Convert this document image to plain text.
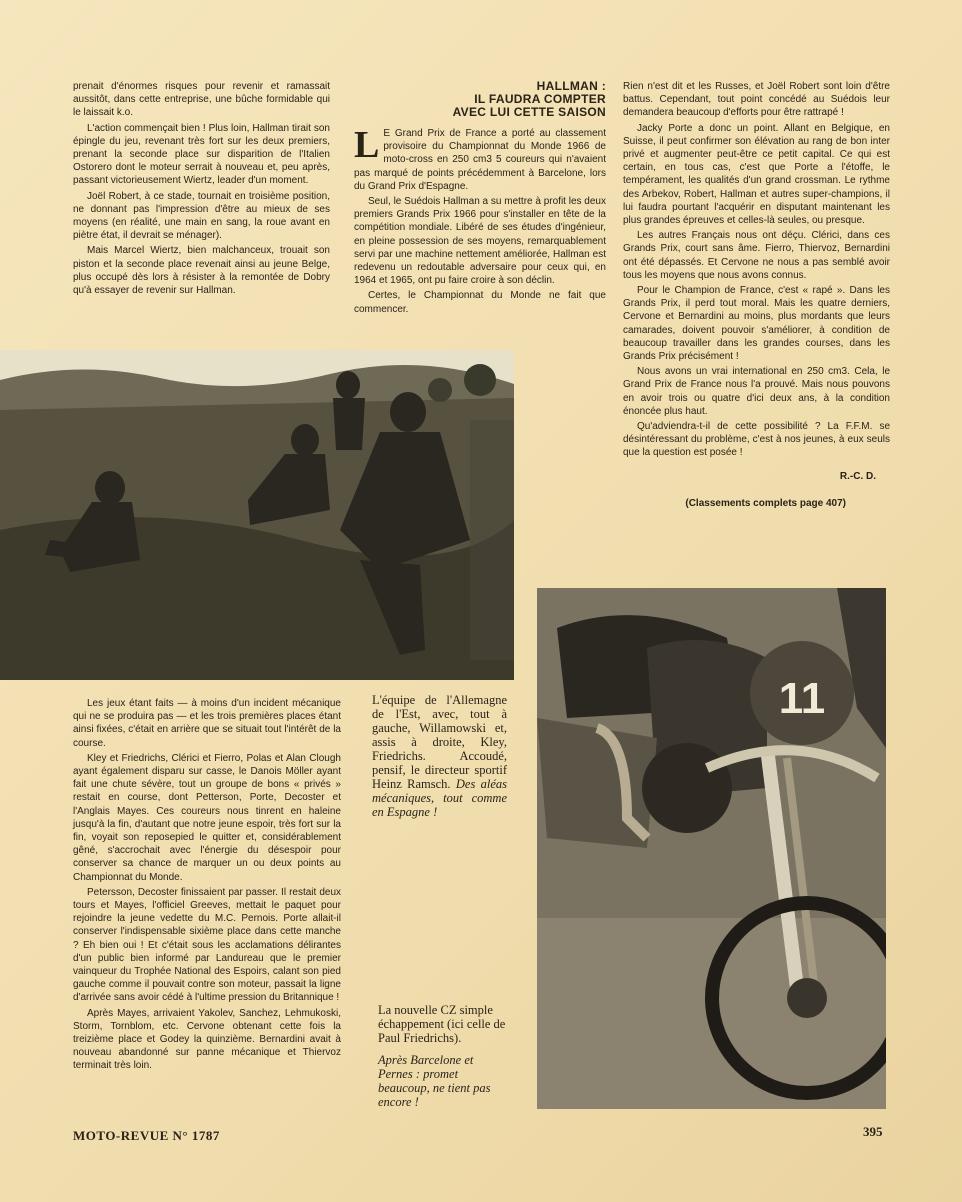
prenait d'énormes risques pour revenir et ramassait aussitôt, dans cette entreprise, une bûche formidable qui le laissait k.o.

L'action commençait bien ! Plus loin, Hallman tirait son épingle du jeu, revenant très fort sur les deux premiers, prenant la seconde place sur disparition de l'Italien Ostorero dont le moteur serrait à nouveau et, peu après, passant victorieusement Wiertz, leader d'un moment.

Joël Robert, à ce stade, tournait en troisième position, ne donnant pas l'impression d'être au mieux de ses moyens (en réalité, une main en sang, la roue avant en piètre état, il devrait se ménager).

Mais Marcel Wiertz, bien malchanceux, trouait son piston et la seconde place revenait ainsi au jeune Belge, plus occupé dès lors à résister à la remontée de Dobry qu'à essayer de revenir sur Hallman.

HALLMAN :
IL FAUDRA COMPTER
AVEC LUI CETTE SAISON

L E Grand Prix de France a porté au classement provisoire du Championnat du Monde 1966 de moto-cross en 250 cm3 5 coureurs qui n'avaient pas marqué de points précédemment à Barcelone, lors du Grand Prix d'Espagne.

Seul, le Suédois Hallman a su mettre à profit les deux premiers Grands Prix 1966 pour s'installer en tête de la compétition mondiale. Libéré de ses études d'ingénieur, en pleine possession de ses moyens, remarquablement servi par une machine nettement améliorée, Hallman est redevenu un redoutable adversaire pour ceux qui, en 1964 et 1965, ont pu faire croire à son déclin.

Certes, le Championnat du Monde ne fait que commencer.

Rien n'est dit et les Russes, et Joël Robert sont loin d'être battus. Cependant, tout point concédé au Suédois leur demandera beaucoup d'efforts pour être rattrapé !

Jacky Porte a donc un point. Allant en Belgique, en Suisse, il peut confirmer son élévation au rang de bon inter privé et augmenter peut-être ce petit capital. Ce qui est certain, en tous cas, c'est que Porte a l'étoffe, le tempérament, les qualités d'un grand crossman. Le rythme des Arbekov, Robert, Hallman et autres super-champions, il lui faudra pourtant l'acquérir en disputant maintenant les plus grandes épreuves et celles-là seules, ou presque.

Les autres Français nous ont déçu. Clérici, dans ces Grands Prix, court sans âme. Fierro, Thiervoz, Bernardini ont été dépassés. Et Cervone ne nous a pas semblé avoir tous les moyens que nous avons connus.

Pour le Champion de France, c'est « rapé ». Dans les Grands Prix, il perd tout moral. Mais les quatre derniers, Cervone et Bernardini au moins, plus mordants que leurs camarades, doivent pouvoir s'améliorer, à condition de beaucoup travailler dans les grandes courses, dans les Grands Prix précisément !

Nous avons un vrai international en 250 cm3. Cela, le Grand Prix de France nous l'a prouvé. Mais nous pouvons en avoir trois ou quatre d'ici deux ans, à la condition énoncée plus haut.

Qu'adviendra-t-il de cette possibilité ? La F.F.M. se désintéressant du problème, c'est à nos jeunes, à eux seuls que la question est posée !

R.-C. D.
(Classements complets page 407)

Les jeux étant faits — à moins d'un incident mécanique qui ne se produira pas — et les trois premières places étant ainsi fixées, c'était en arrière que se situait tout l'intérêt de la course.

Kley et Friedrichs, Clérici et Fierro, Polas et Alan Clough ayant également disparu sur casse, le Danois Möller ayant fait une chute sévère, tout un groupe de bons « privés » restait en course, dont Petterson, Porte, Decoster et l'Anglais Mayes. Ces coureurs nous tinrent en haleine jusqu'à la fin, d'autant que notre jeune espoir, très fort sur la fin, voyait son reposepied le quitter et, considérablement gêné, s'accrochait avec l'énergie du désespoir pour conserver sa chance de marquer un ou deux points au Championnat du Monde.

Petersson, Decoster finissaient par passer. Il restait deux tours et Mayes, l'officiel Greeves, mettait le paquet pour rejoindre la jeune vedette du M.C. Pernois. Porte allait-il conserver l'indispensable sixième place dans cette manche ? Eh bien oui ! Et c'était sous les acclamations délirantes d'un public bien informé par Landureau que le premier vainqueur du Trophée National des Espoirs, calant son pied gauche comme il pouvait contre son moteur, passait la ligne d'arrivée sans avoir cédé à l'ultime pression du Britannique !

Après Mayes, arrivaient Yakolev, Sanchez, Lehmukoski, Storm, Tornblom, etc. Cervone obtenant cette fois la treizième place et Godey la quinzième. Bernardini avait à nouveau abandonné sur panne mécanique et Thiervoz terminait très loin.

L'équipe de l'Allemagne de l'Est, avec, tout à gauche, Willamowski et, assis à droite, Kley, Friedrichs. Accoudé, pensif, le directeur sportif Heinz Ramsch. Des aléas mécaniques, tout comme en Espagne !
La nouvelle CZ simple échappement (ici celle de Paul Friedrichs).
Après Barcelone et Pernes : promet beaucoup, ne tient pas encore !
11
MOTO-REVUE N° 1787	395
